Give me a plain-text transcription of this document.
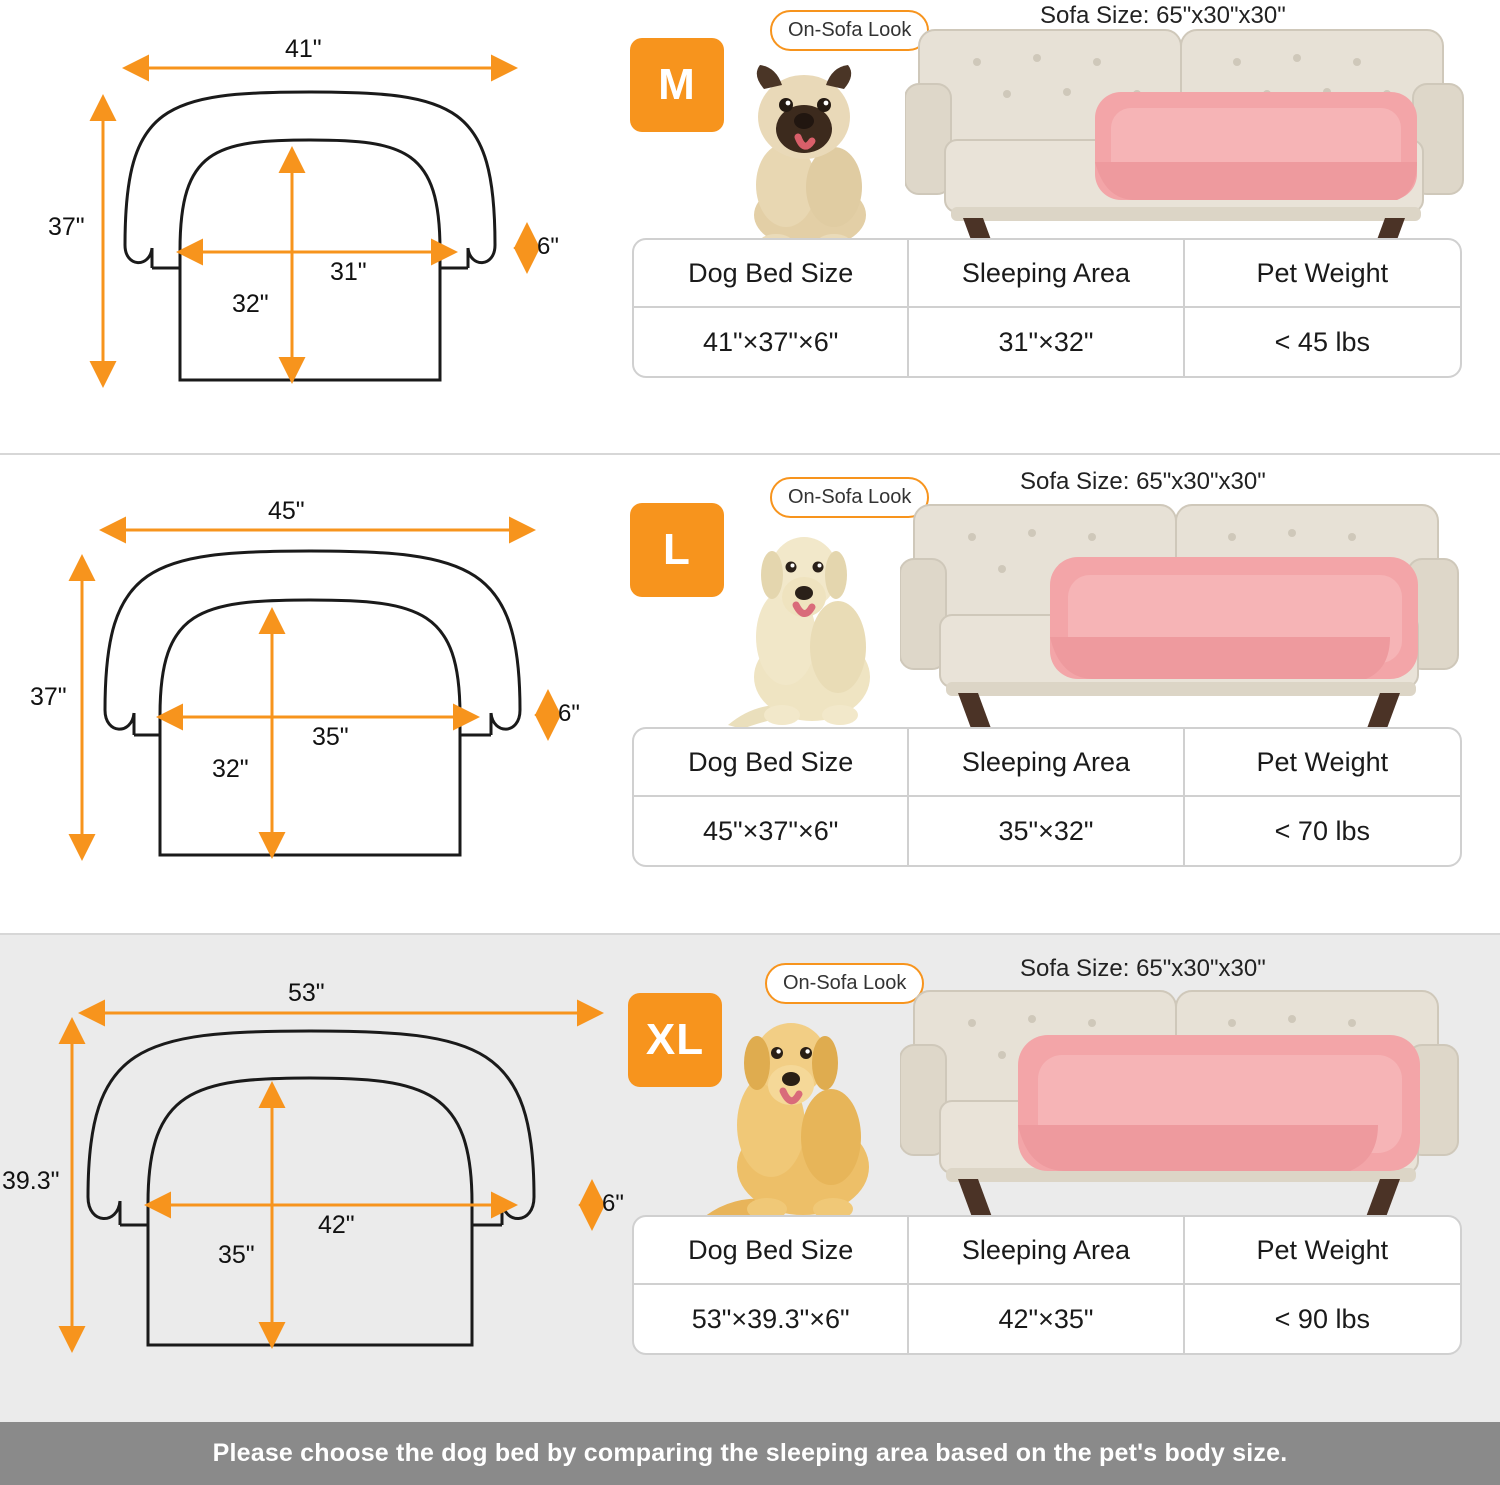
41"
37"
31"
32"
6"
M
On-Sofa Look
Sofa Size: 65"x30"x30"
Dog Bed Size	Sleeping Area	Pet Weight
41"×37"×6"	31"×32"	< 45 lbs
45"
37"
35"
32"
6"
L
On-Sofa Look
Sofa Size: 65"x30"x30"
Dog Bed Size	Sleeping Area	Pet Weight
45"×37"×6"	35"×32"	< 70 lbs
53"
39.3"
42"
35"
6"
XL
On-Sofa Look
Sofa Size: 65"x30"x30"
Dog Bed Size	Sleeping Area	Pet Weight
53"×39.3"×6"	42"×35"	< 90 lbs
Please choose the dog bed by comparing the sleeping area based on the pet's body size.
